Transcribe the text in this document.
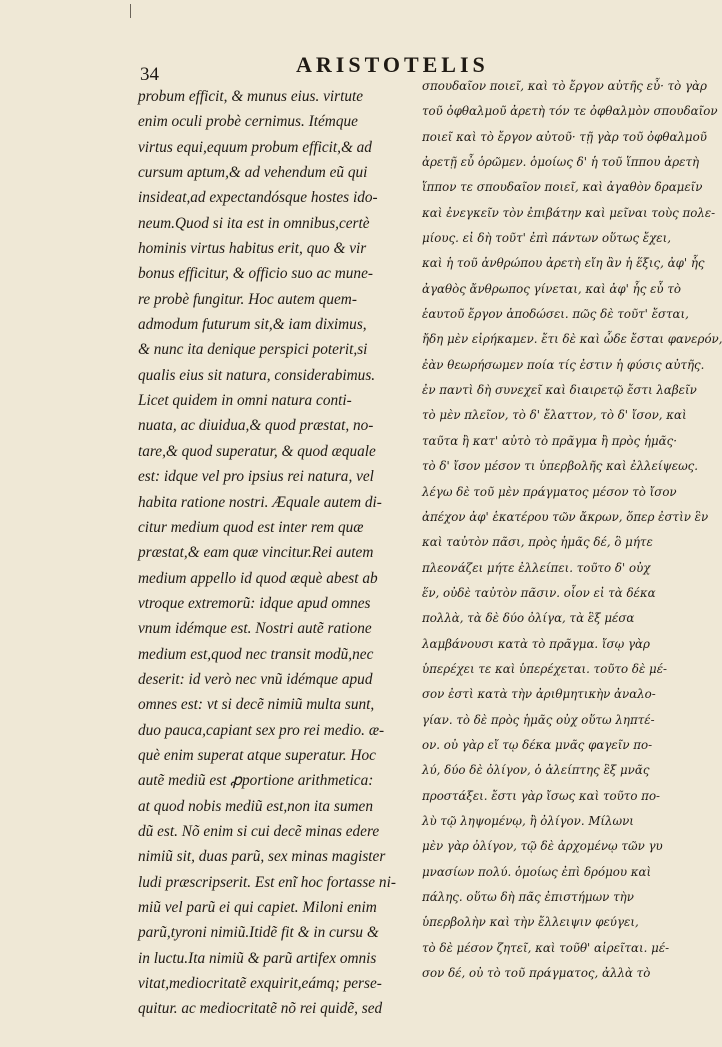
34	ARISTOTELIS
probum efficit, & munus eius. virtute
enim oculi probè cernimus. Itémque
virtus equi,equum probum efficit,& ad
cursum aptum,& ad vehendum eũ qui
insideat,ad expectandósque hostes ido-
neum.Quod si ita est in omnibus,certè
hominis virtus habitus erit, quo & vir
bonus efficitur, & officio suo ac mune-
re probè fungitur. Hoc autem quem-
admodum futurum sit,& iam diximus,
& nunc ita denique perspici poterit,si
qualis eius sit natura, considerabimus.
Licet quidem in omni natura conti-
nuata, ac diuidua,& quod præstat, no-
tare,& quod superatur, & quod æquale
est: idque vel pro ipsius rei natura, vel
habita ratione nostri. Æquale autem di-
citur medium quod est inter rem quæ
præstat,& eam quæ vincitur.Rei autem
medium appello id quod æquè abest ab
vtroque extremorũ: idque apud omnes
vnum idémque est. Nostri autẽ ratione
medium est,quod nec transit modũ,nec
deserit: id verò nec vnũ idémque apud
omnes est: vt si decẽ nimiũ multa sunt,
duo pauca,capiant sex pro rei medio. æ-
què enim superat atque superatur. Hoc
autẽ mediũ est ꝓportione arithmetica:
at quod nobis mediũ est,non ita sumen
dũ est. Nõ enim si cui decẽ minas edere
nimiũ sit, duas parũ, sex minas magister
ludi præscripserit. Est enĩ hoc fortasse ni-
miũ vel parũ ei qui capiet. Miloni enim
parũ,tyroni nimiũ.Itidẽ fit & in cursu &
in luctu.Ita nimiũ & parũ artifex omnis
vitat,mediocritatẽ exquirit,eámq; perse-
quitur. ac mediocritatẽ nõ rei quidẽ, sed
σπουδαῖον ποιεῖ, καὶ τὸ ἔργον αὐτῆς εὖ· τὸ γὰρ
τοῦ ὀφθαλμοῦ ἀρετὴ τόν τε ὀφθαλμὸν σπουδαῖον
ποιεῖ καὶ τὸ ἔργον αὐτοῦ· τῇ γὰρ τοῦ ὀφθαλμοῦ
ἀρετῇ εὖ ὁρῶμεν. ὁμοίως δ' ἡ τοῦ ἵππου ἀρετὴ
ἵππον τε σπουδαῖον ποιεῖ, καὶ ἀγαθὸν δραμεῖν
καὶ ἐνεγκεῖν τὸν ἐπιβάτην καὶ μεῖναι τοὺς πολε-
μίους. εἰ δὴ τοῦτ' ἐπὶ πάντων οὕτως ἔχει,
καὶ ἡ τοῦ ἀνθρώπου ἀρετὴ εἴη ἂν ἡ ἕξις, ἀφ' ἧς
ἀγαθὸς ἄνθρωπος γίνεται, καὶ ἀφ' ἧς εὖ τὸ
ἑαυτοῦ ἔργον ἀποδώσει. πῶς δὲ τοῦτ' ἔσται,
ἤδη μὲν εἰρήκαμεν. ἔτι δὲ καὶ ὧδε ἔσται φανερόν,
ἐὰν θεωρήσωμεν ποία τίς ἐστιν ἡ φύσις αὐτῆς.
ἐν παντὶ δὴ συνεχεῖ καὶ διαιρετῷ ἔστι λαβεῖν
τὸ μὲν πλεῖον, τὸ δ' ἔλαττον, τὸ δ' ἴσον, καὶ
ταῦτα ἢ κατ' αὐτὸ τὸ πρᾶγμα ἢ πρὸς ἡμᾶς·
τὸ δ' ἴσον μέσον τι ὑπερβολῆς καὶ ἐλλείψεως.
λέγω δὲ τοῦ μὲν πράγματος μέσον τὸ ἴσον
ἀπέχον ἀφ' ἑκατέρου τῶν ἄκρων, ὅπερ ἐστὶν ἓν
καὶ ταὐτὸν πᾶσι, πρὸς ἡμᾶς δέ, ὃ μήτε
πλεονάζει μήτε ἐλλείπει. τοῦτο δ' οὐχ
ἕν, οὐδὲ ταὐτὸν πᾶσιν. οἷον εἰ τὰ δέκα
πολλὰ, τὰ δὲ δύο ὀλίγα, τὰ ἓξ μέσα
λαμβάνουσι κατὰ τὸ πρᾶγμα. ἴσῳ γὰρ
ὑπερέχει τε καὶ ὑπερέχεται. τοῦτο δὲ μέ-
σον ἐστὶ κατὰ τὴν ἀριθμητικὴν ἀναλο-
γίαν. τὸ δὲ πρὸς ἡμᾶς οὐχ οὕτω ληπτέ-
ον. οὐ γὰρ εἴ τῳ δέκα μνᾶς φαγεῖν πο-
λύ, δύο δὲ ὀλίγον, ὁ ἀλείπτης ἓξ μνᾶς
προστάξει. ἔστι γὰρ ἴσως καὶ τοῦτο πο-
λὺ τῷ ληψομένῳ, ἢ ὀλίγον. Μίλωνι
μὲν γὰρ ὀλίγον, τῷ δὲ ἀρχομένῳ τῶν γυ
μνασίων πολύ. ὁμοίως ἐπὶ δρόμου καὶ
πάλης. οὕτω δὴ πᾶς ἐπιστήμων τὴν
ὑπερβολὴν καὶ τὴν ἔλλειψιν φεύγει,
τὸ δὲ μέσον ζητεῖ, καὶ τοῦθ' αἱρεῖται. μέ-
σον δέ, οὐ τὸ τοῦ πράγματος, ἀλλὰ τὸ
